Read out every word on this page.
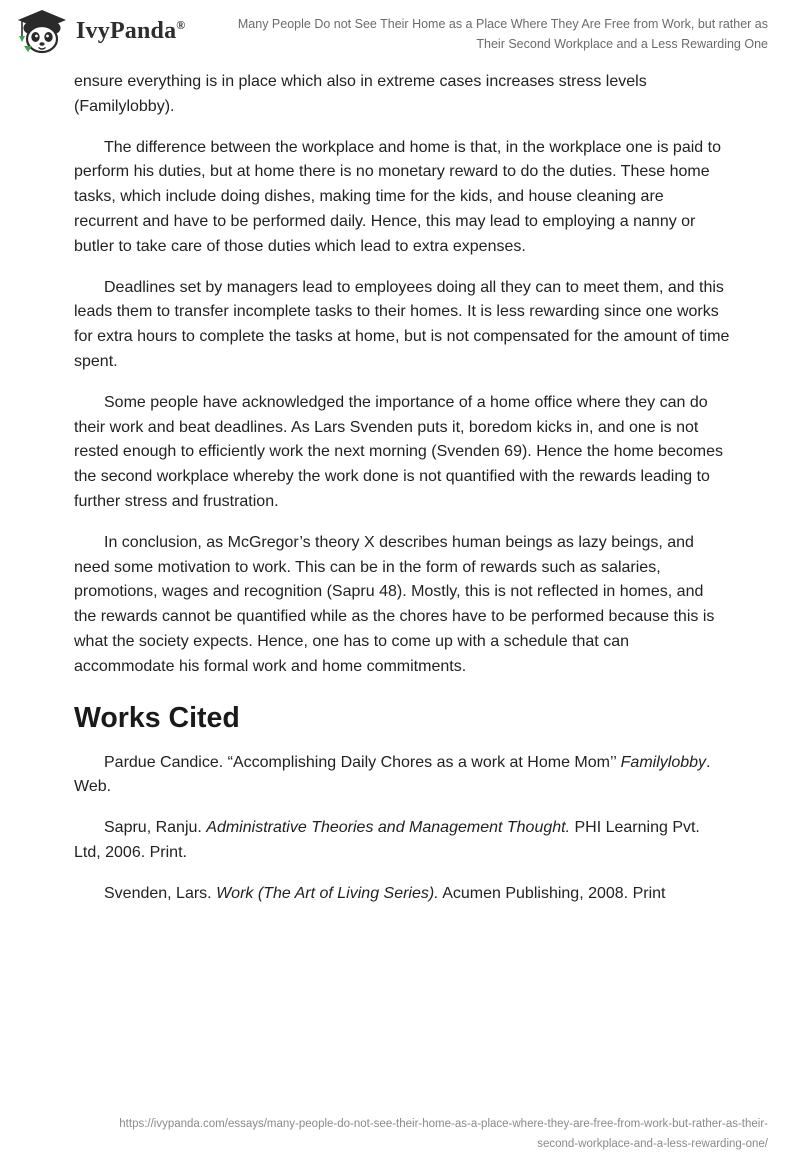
IvyPanda®	Many People Do not See Their Home as a Place Where They Are Free from Work, but rather as
Their Second Workplace and a Less Rewarding One

ensure everything is in place which also in extreme cases increases stress levels (Familylobby).

The difference between the workplace and home is that, in the workplace one is paid to perform his duties, but at home there is no monetary reward to do the duties. These home tasks, which include doing dishes, making time for the kids, and house cleaning are recurrent and have to be performed daily. Hence, this may lead to employing a nanny or butler to take care of those duties which lead to extra expenses.

Deadlines set by managers lead to employees doing all they can to meet them, and this leads them to transfer incomplete tasks to their homes. It is less rewarding since one works for extra hours to complete the tasks at home, but is not compensated for the amount of time spent.

Some people have acknowledged the importance of a home office where they can do their work and beat deadlines. As Lars Svenden puts it, boredom kicks in, and one is not rested enough to efficiently work the next morning (Svenden 69). Hence the home becomes the second workplace whereby the work done is not quantified with the rewards leading to further stress and frustration.

In conclusion, as McGregor’s theory X describes human beings as lazy beings, and need some motivation to work. This can be in the form of rewards such as salaries, promotions, wages and recognition (Sapru 48). Mostly, this is not reflected in homes, and the rewards cannot be quantified while as the chores have to be performed because this is what the society expects. Hence, one has to come up with a schedule that can accommodate his formal work and home commitments.

Works Cited

Pardue Candice. “Accomplishing Daily Chores as a work at Home Mom’’ Familylobby. Web.

Sapru, Ranju. Administrative Theories and Management Thought. PHI Learning Pvt. Ltd, 2006. Print.

Svenden, Lars. Work (The Art of Living Series). Acumen Publishing, 2008. Print

https://ivypanda.com/essays/many-people-do-not-see-their-home-as-a-place-where-they-are-free-from-work-but-rather-as-their-
second-workplace-and-a-less-rewarding-one/
